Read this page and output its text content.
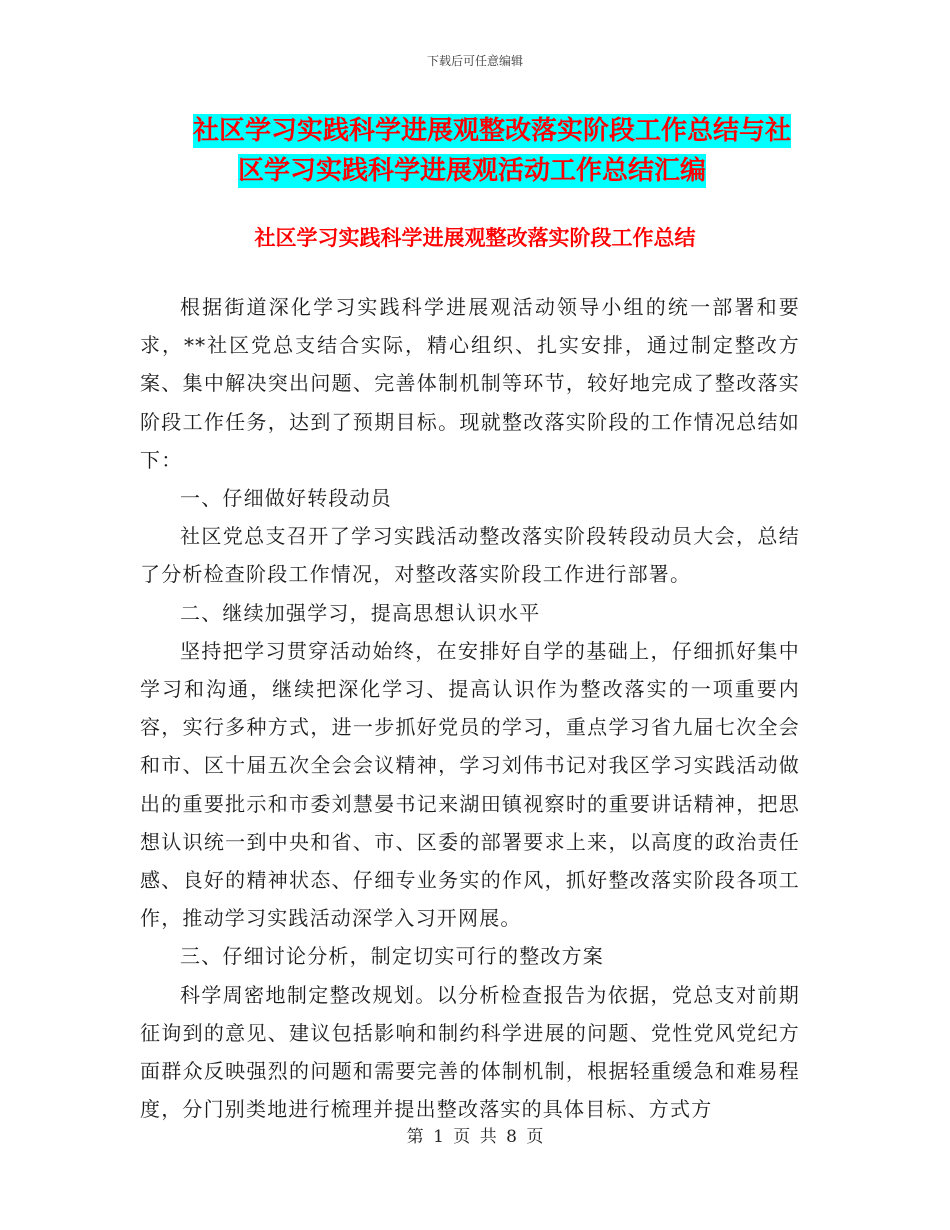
下载后可任意编辑
社区学习实践科学进展观整改落实阶段工作总结与社
区学习实践科学进展观活动工作总结汇编
社区学习实践科学进展观整改落实阶段工作总结

根据街道深化学习实践科学进展观活动领导小组的统一部署和要求，**社区党总支结合实际，精心组织、扎实安排，通过制定整改方案、集中解决突出问题、完善体制机制等环节，较好地完成了整改落实阶段工作任务，达到了预期目标。现就整改落实阶段的工作情况总结如下：

一、仔细做好转段动员

社区党总支召开了学习实践活动整改落实阶段转段动员大会，总结了分析检查阶段工作情况，对整改落实阶段工作进行部署。

二、继续加强学习，提高思想认识水平

坚持把学习贯穿活动始终，在安排好自学的基础上，仔细抓好集中学习和沟通，继续把深化学习、提高认识作为整改落实的一项重要内容，实行多种方式，进一步抓好党员的学习，重点学习省九届七次全会和市、区十届五次全会会议精神，学习刘伟书记对我区学习实践活动做出的重要批示和市委刘慧晏书记来湖田镇视察时的重要讲话精神，把思想认识统一到中央和省、市、区委的部署要求上来，以高度的政治责任感、良好的精神状态、仔细专业务实的作风，抓好整改落实阶段各项工作，推动学习实践活动深学入习开网展。

三、仔细讨论分析，制定切实可行的整改方案

科学周密地制定整改规划。以分析检查报告为依据，党总支对前期征询到的意见、建议包括影响和制约科学进展的问题、党性党风党纪方面群众反映强烈的问题和需要完善的体制机制，根据轻重缓急和难易程度，分门别类地进行梳理并提出整改落实的具体目标、方式方

第 1 页 共 8 页
